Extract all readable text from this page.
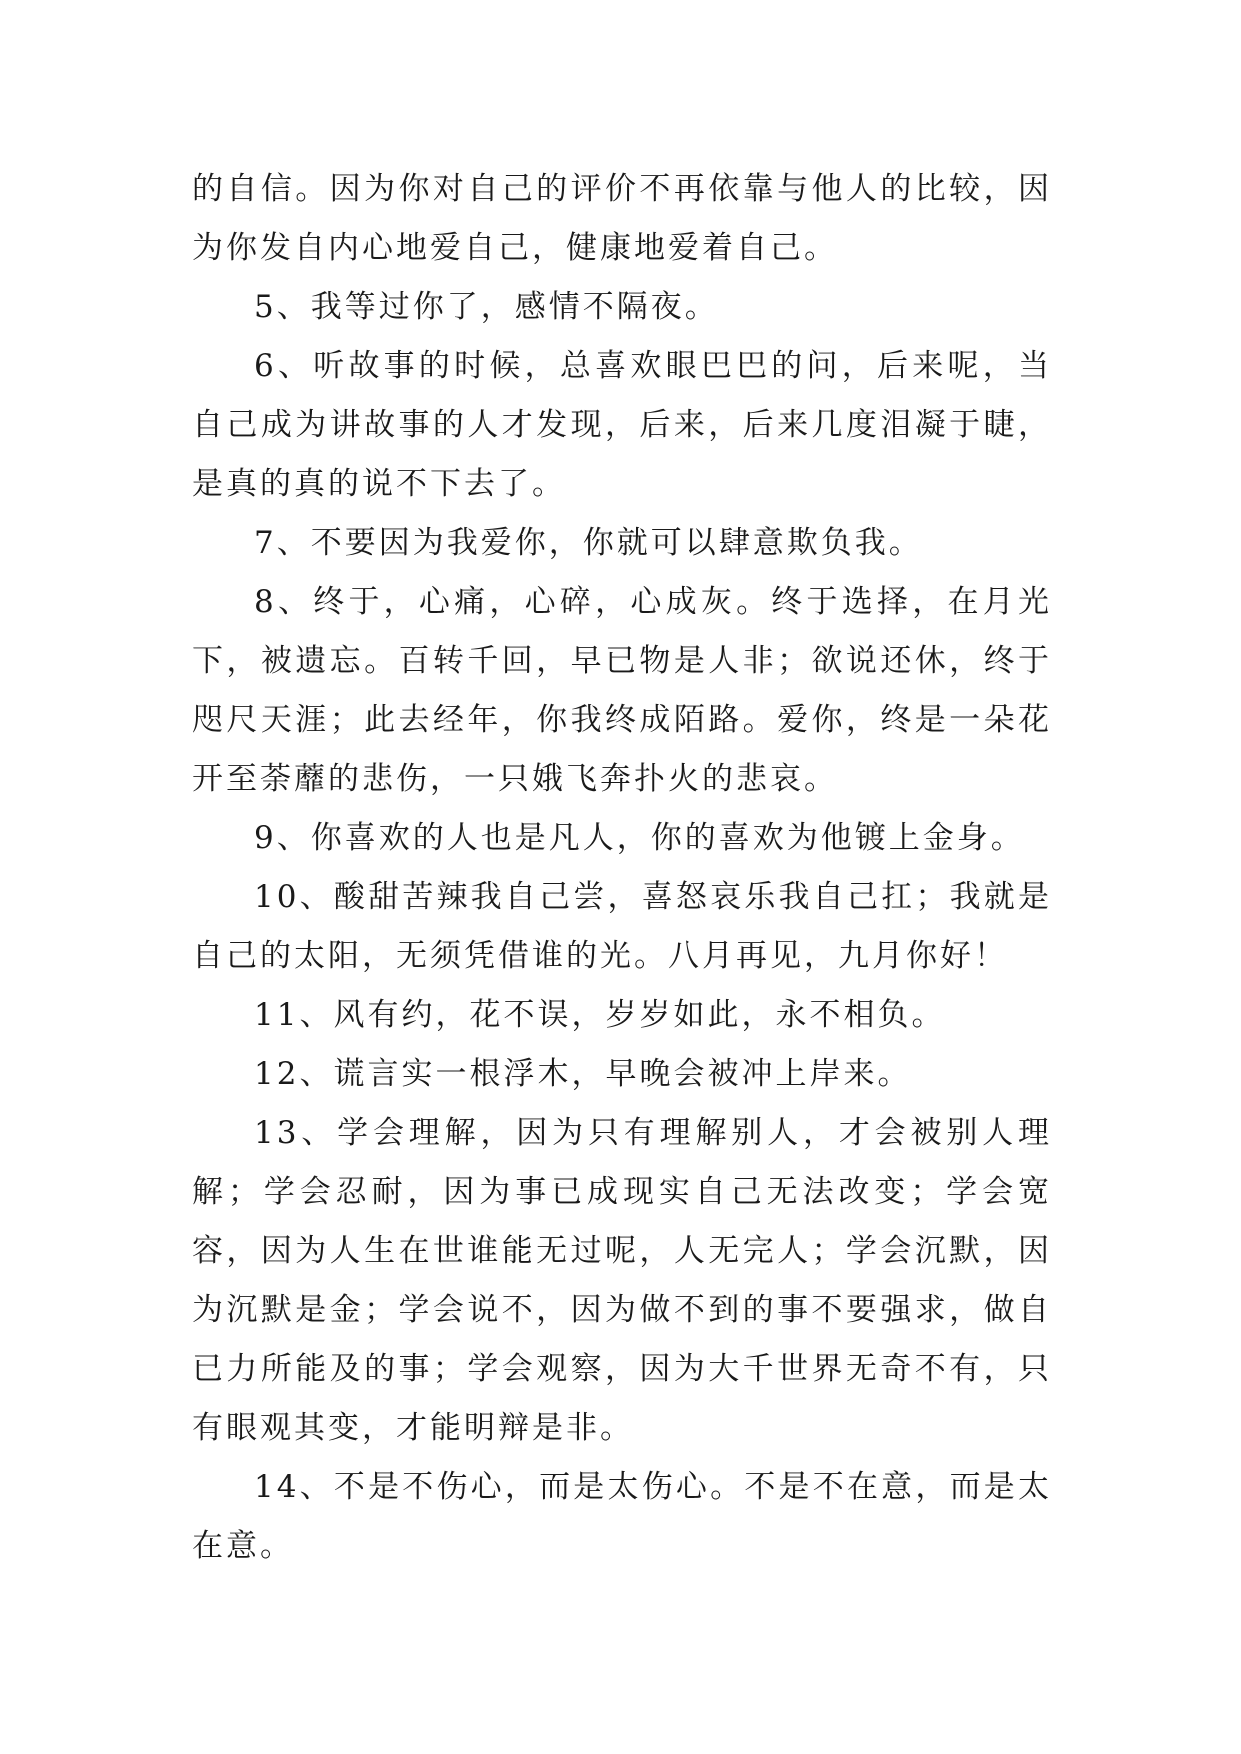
的自信。因为你对自己的评价不再依靠与他人的比较，因为你发自内心地爱自己，健康地爱着自己。

5、我等过你了，感情不隔夜。

6、听故事的时候，总喜欢眼巴巴的问，后来呢，当自己成为讲故事的人才发现，后来，后来几度泪凝于睫，是真的真的说不下去了。

7、不要因为我爱你，你就可以肆意欺负我。

8、终于，心痛，心碎，心成灰。终于选择，在月光下，被遗忘。百转千回，早已物是人非；欲说还休，终于咫尺天涯；此去经年，你我终成陌路。爱你，终是一朵花开至荼蘼的悲伤，一只娥飞奔扑火的悲哀。

9、你喜欢的人也是凡人，你的喜欢为他镀上金身。

10、酸甜苦辣我自己尝，喜怒哀乐我自己扛；我就是自己的太阳，无须凭借谁的光。八月再见，九月你好！

11、风有约，花不误，岁岁如此，永不相负。

12、谎言实一根浮木，早晚会被冲上岸来。

13、学会理解，因为只有理解别人，才会被别人理解；学会忍耐，因为事已成现实自己无法改变；学会宽容，因为人生在世谁能无过呢，人无完人；学会沉默，因为沉默是金；学会说不，因为做不到的事不要强求，做自已力所能及的事；学会观察，因为大千世界无奇不有，只有眼观其变，才能明辩是非。

14、不是不伤心，而是太伤心。不是不在意，而是太在意。
